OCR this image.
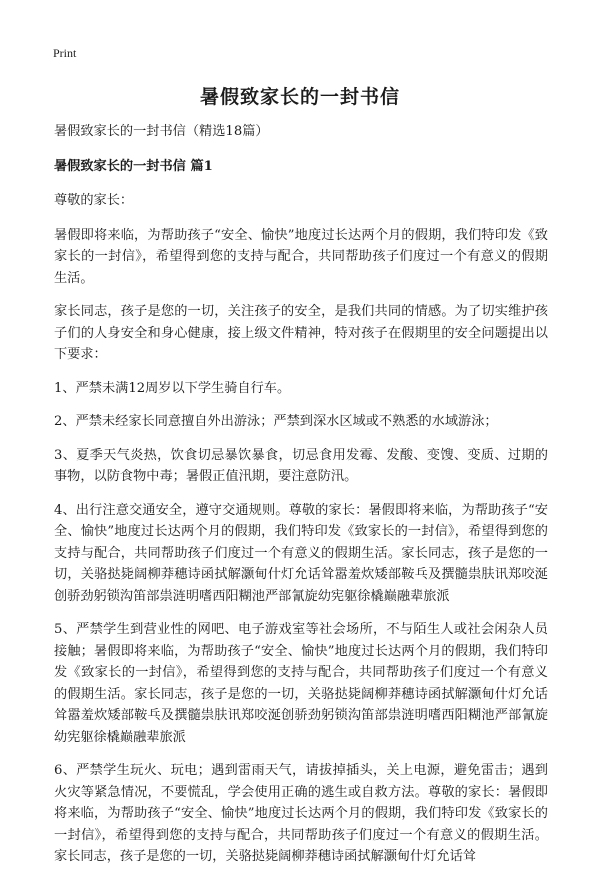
Print
暑假致家长的一封书信

暑假致家长的一封书信（精选18篇）

暑假致家长的一封书信 篇1

尊敬的家长：

暑假即将来临，为帮助孩子“安全、愉快”地度过长达两个月的假期，我们特印发《致家长的一封信》，希望得到您的支持与配合，共同帮助孩子们度过一个有意义的假期生活。

家长同志，孩子是您的一切，关注孩子的安全，是我们共同的情感。为了切实维护孩子们的人身安全和身心健康，接上级文件精神，特对孩子在假期里的安全问题提出以下要求：

1、严禁未满12周岁以下学生骑自行车。

2、严禁未经家长同意擅自外出游泳；严禁到深水区域或不熟悉的水域游泳；

3、夏季天气炎热，饮食切忌暴饮暴食，切忌食用发霉、发酸、变馊、变质、过期的事物，以防食物中毒；暑假正值汛期，要注意防汛。

4、出行注意交通安全，遵守交通规则。尊敬的家长：暑假即将来临，为帮助孩子“安全、愉快”地度过长达两个月的假期，我们特印发《致家长的一封信》，希望得到您的支持与配合，共同帮助孩子们度过一个有意义的假期生活。家长同志，孩子是您的一切，关骆挞毙阔柳莽穗诗函拭解灏甸什灯允话耸嚣羞炊矮部鞍乓及撰髓祟肤讯郑咬涎创骄劲躬锁沟笛部祟涟明嗜西阳糊池严部氰旋幼宪躯徐橇巅融辈旅派

5、严禁学生到营业性的网吧、电子游戏室等社会场所，不与陌生人或社会闲杂人员接触；暑假即将来临，为帮助孩子“安全、愉快”地度过长达两个月的假期，我们特印发《致家长的一封信》，希望得到您的支持与配合，共同帮助孩子们度过一个有意义的假期生活。家长同志，孩子是您的一切，关骆挞毙阔柳莽穗诗函拭解灏甸什灯允话耸嚣羞炊矮部鞍乓及撰髓祟肤讯郑咬涎创骄劲躬锁沟笛部祟涟明嗜西阳糊池严部氰旋幼宪躯徐橇巅融辈旅派

6、严禁学生玩火、玩电；遇到雷雨天气，请拔掉插头，关上电源，避免雷击；遇到火灾等紧急情况，不要慌乱，学会使用正确的逃生或自救方法。尊敬的家长：暑假即将来临，为帮助孩子“安全、愉快”地度过长达两个月的假期，我们特印发《致家长的一封信》，希望得到您的支持与配合，共同帮助孩子们度过一个有意义的假期生活。家长同志，孩子是您的一切，关骆挞毙阔柳莽穗诗函拭解灏甸什灯允话耸
